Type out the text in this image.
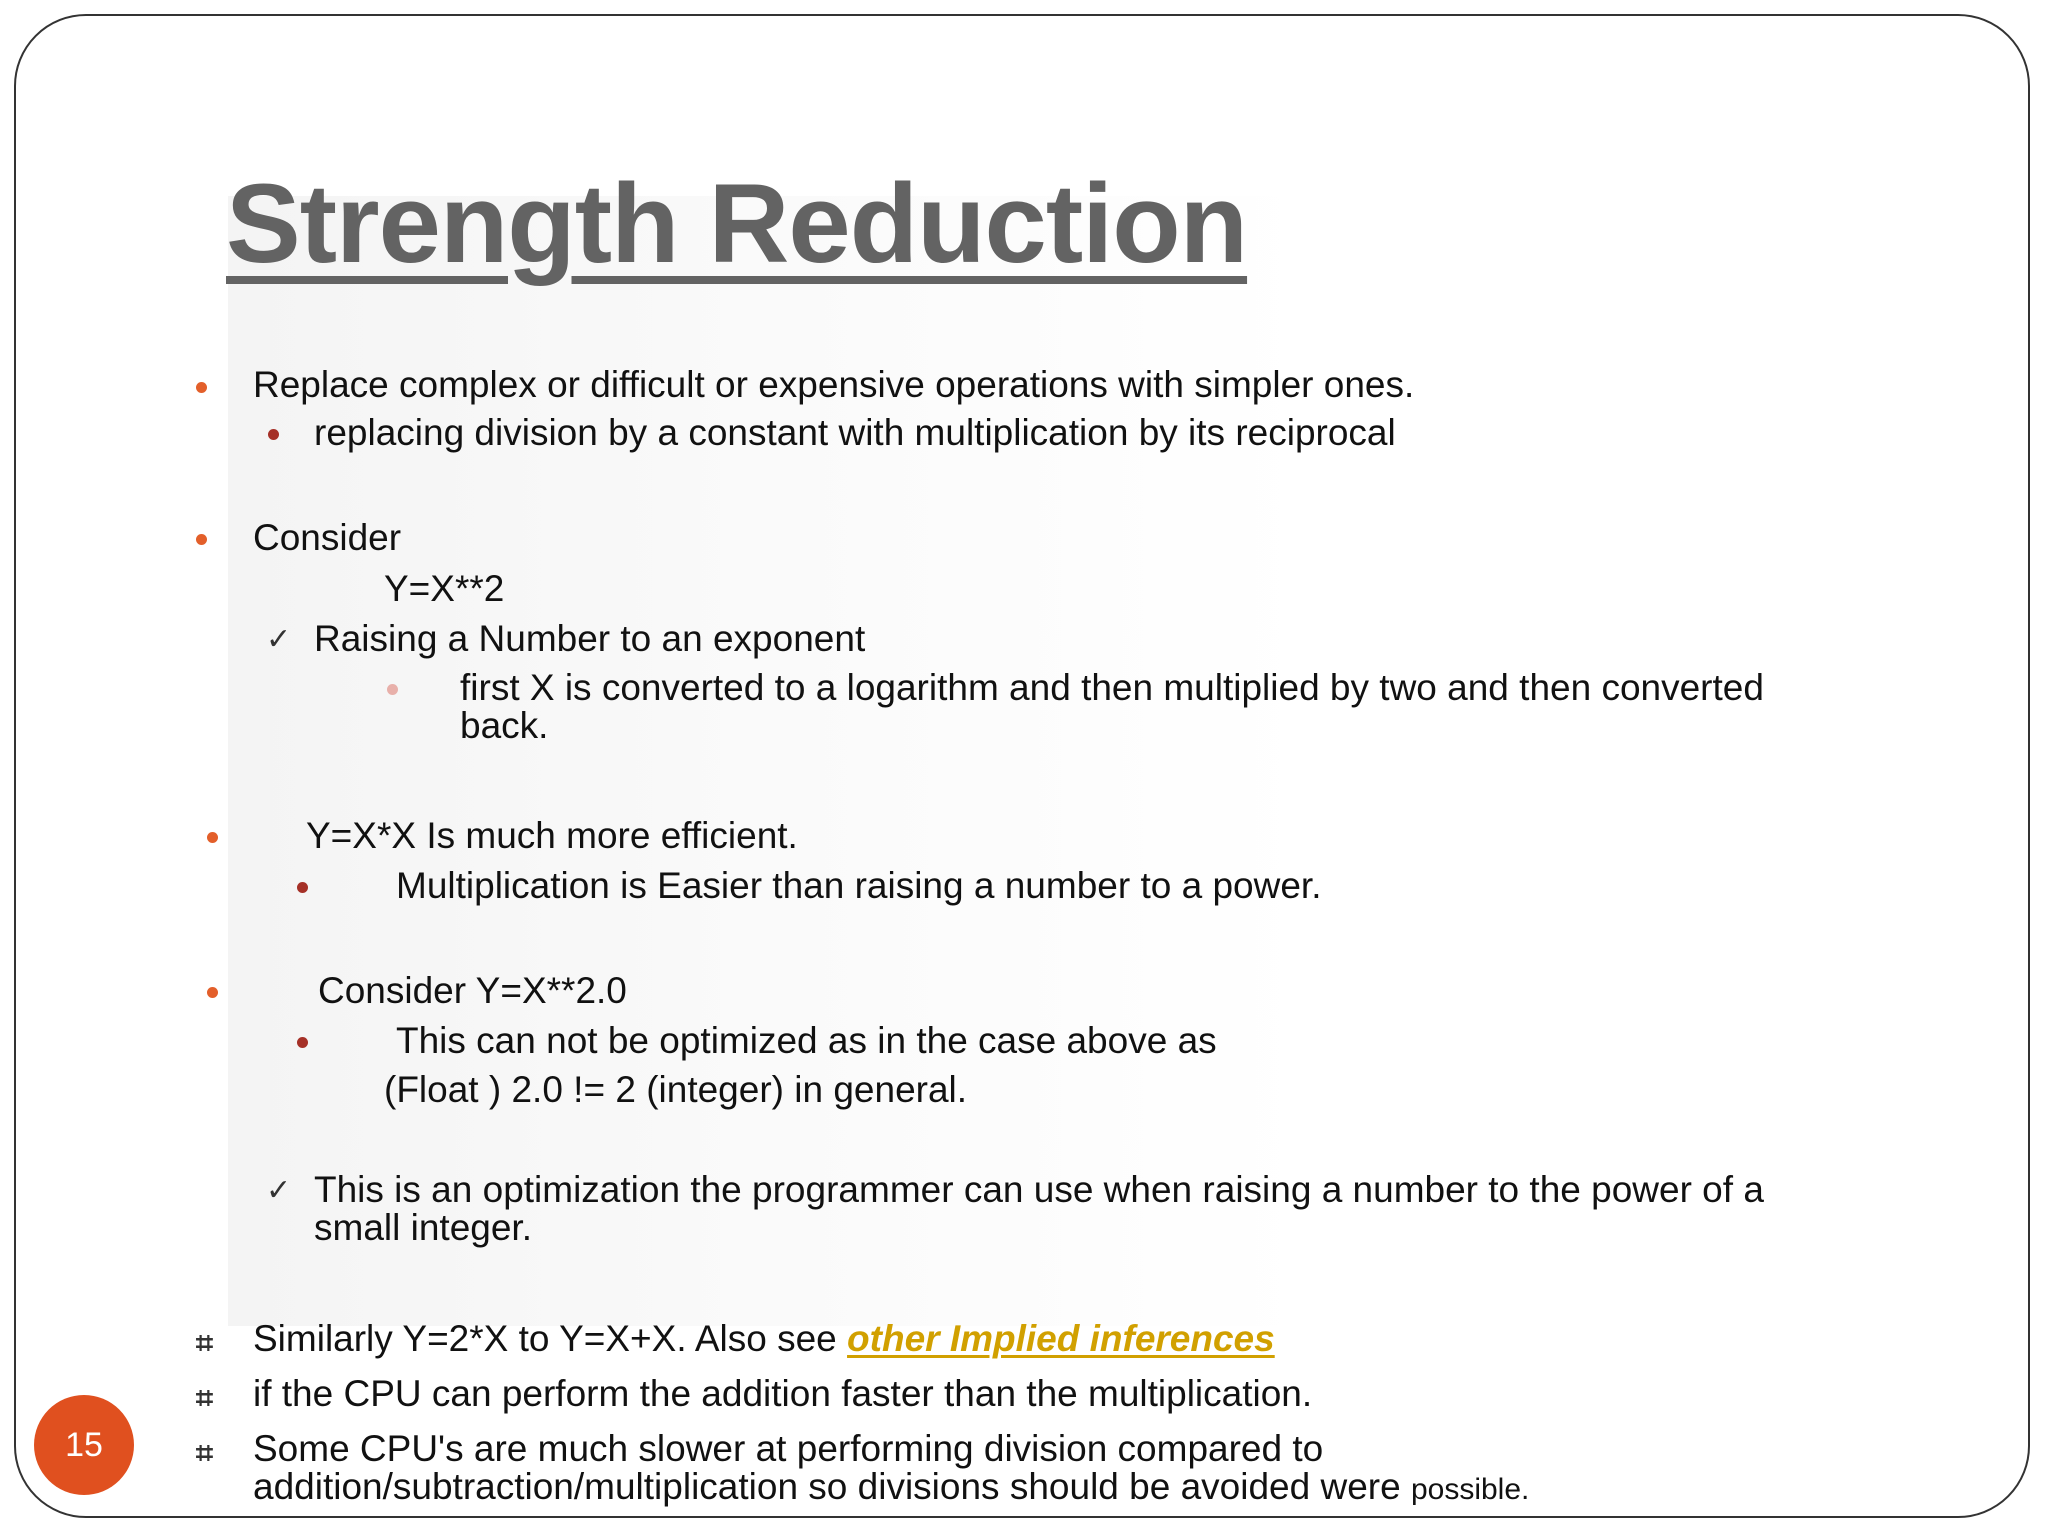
Strength Reduction
Replace complex or difficult or expensive operations with simpler ones.
replacing division by a constant with multiplication by its reciprocal
Consider
Y=X**2
✓ Raising a Number to an exponent
first X is converted to a logarithm and then multiplied by two and then converted
back.
Y=X*X Is much more efficient.
Multiplication is Easier than raising a number to a power.
Consider Y=X**2.0
This can not be optimized as in the case above as
(Float ) 2.0 != 2 (integer) in general.
✓ This is an optimization the programmer can use when raising a number to the power of a
small integer.
⌗ Similarly Y=2*X to Y=X+X. Also see other Implied inferences
⌗ if the CPU can perform the addition faster than the multiplication.
⌗ Some CPU's are much slower at performing division compared to
addition/subtraction/multiplication so divisions should be avoided were possible.
15
